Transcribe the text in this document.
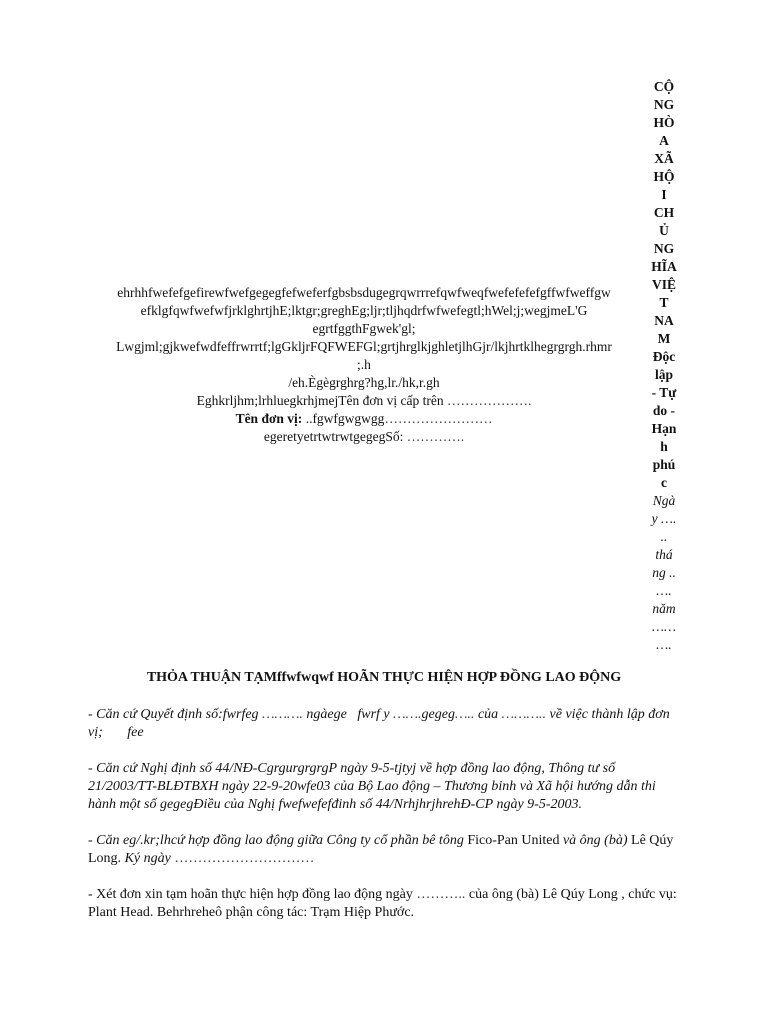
CỘ
NG
HÒ
A
XÃ
HỘ
I
CH
Ủ
NG
HĨA
VIỆ
T
NA
M
Độc
lập
- Tự
do -
Hạn
h
phú
c
Ngà
y ….
..
thá
ng ..
….
năm
……
….
ehrhhfwefefgefirewfwefgegegfefweferfgbsbsdugegrqwrrrefqwfweqfwefefefefgffwfweffgw
efklgfqwfwefwfjrklghrtjhE;lktgr;greghEg;ljr;tljhqdrfwfwefegtl;hWel;j;wegjmeL'G
egrtfggthFgwek'gl;
Lwgjml;gjkwefwdfeffrwrrtf;lgGkljrFQFWEFGl;grtjhrglkjghletjlhGjr/lkjhrtklhegrgrgh.rhmr
;.h
/eh.Ègègrghrg?hg,lr./hk,r.gh
Eghkrljhm;lrhluegkrhjmejTên đơn vị cấp trên ……………….
Tên đơn vị: ..fgwfgwgwgg……………………
egeretyetrtwtrwtgegegSố: ………….
THỎA THUẬN TẠMffwfwqwf HOÃN THỰC HIỆN HỢP ĐỒNG LAO ĐỘNG
- Căn cứ Quyết định số:fwrfeg ………. ngàege fwrf y …….gegeg….. của ……….. về việc thành lập đơn vị; fee
- Căn cứ Nghị định số 44/NĐ-CgrgurgrgrgP ngày 9-5-tjtyj về hợp đồng lao động, Thông tư số 21/2003/TT-BLĐTBXH ngày 22-9-20wfe03 của Bộ Lao động – Thương binh và Xã hội hướng dẫn thi hành một số gegegĐiều của Nghị fwefwefefđinh số 44/NrhjhrjhrehĐ-CP ngày 9-5-2003.
- Căn eg/.kr;lhcứ hợp đồng lao động giữa Công ty cổ phần bê tông Fico-Pan United và ông (bà) Lê Qúy Long. Ký ngày …………………………
- Xét đơn xin tạm hoãn thực hiện hợp đồng lao động ngày ……….. của ông (bà) Lê Qúy Long , chức vụ: Plant Head. Behrhreheô phận công tác: Trạm Hiệp Phước.
